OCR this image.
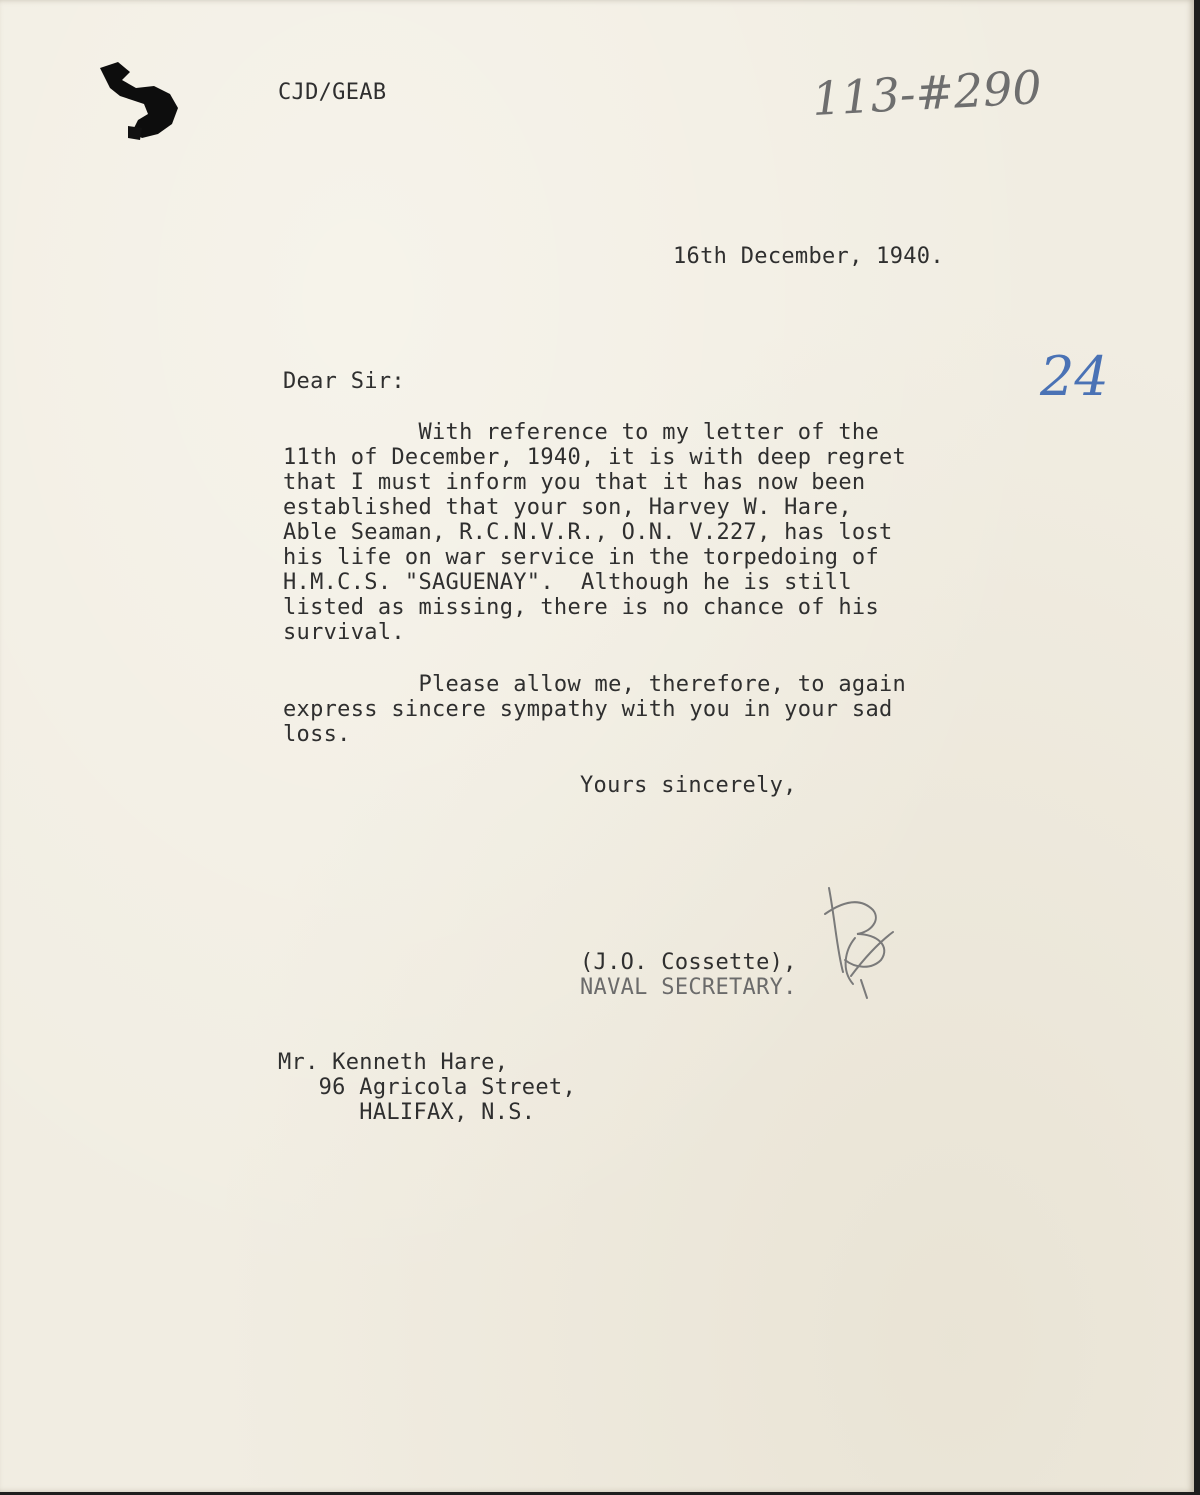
CJD/GEAB	113-#290
24
16th December, 1940.
Dear Sir:
With reference to my letter of the
11th of December, 1940, it is with deep regret
that I must inform you that it has now been
established that your son, Harvey W. Hare,
Able Seaman, R.C.N.V.R., O.N. V.227, has lost
his life on war service in the torpedoing of
H.M.C.S. "SAGUENAY".  Although he is still
listed as missing, there is no chance of his
survival.
Please allow me, therefore, to again
express sincere sympathy with you in your sad
loss.
Yours sincerely,
(J.O. Cossette),
NAVAL SECRETARY.
Mr. Kenneth Hare,
96 Agricola Street,
HALIFAX, N.S.
